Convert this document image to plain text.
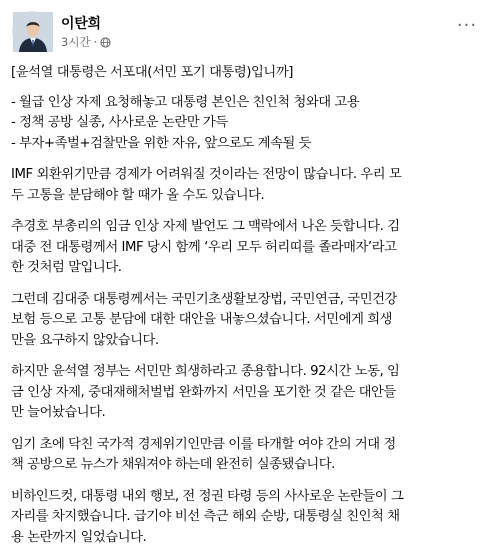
이탄희
3시간 ·
···
[윤석열 대통령은 서포대(서민 포기 대통령)입니까]
- 월급 인상 자제 요청해놓고 대통령 본인은 친인척 청와대 고용
- 정책 공방 실종, 사사로운 논란만 가득
- 부자+족벌+검찰만을 위한 자유, 앞으로도 계속될 듯
IMF 외환위기만큼 경제가 어려워질 것이라는 전망이 많습니다. 우리 모
두 고통을 분담해야 할 때가 올 수도 있습니다.
추경호 부총리의 임금 인상 자제 발언도 그 맥락에서 나온 듯합니다. 김
대중 전 대통령께서 IMF 당시 함께 ‘우리 모두 허리띠를 졸라매자’라고
한 것처럼 말입니다.
그런데 김대중 대통령께서는 국민기초생활보장법, 국민연금, 국민건강
보험 등으로 고통 분담에 대한 대안을 내놓으셨습니다. 서민에게 희생
만을 요구하지 않았습니다.
하지만 윤석열 정부는 서민만 희생하라고 종용합니다. 92시간 노동, 임
금 인상 자제, 중대재해처벌법 완화까지 서민을 포기한 것 같은 대안들
만 늘어놨습니다.
임기 초에 닥친 국가적 경제위기인만큼 이를 타개할 여야 간의 거대 정
책 공방으로 뉴스가 채워져야 하는데 완전히 실종됐습니다.
비하인드컷, 대통령 내외 행보, 전 정권 타령 등의 사사로운 논란들이 그
자리를 차지했습니다. 급기야 비선 측근 해외 순방, 대통령실 친인척 채
용 논란까지 일었습니다.
